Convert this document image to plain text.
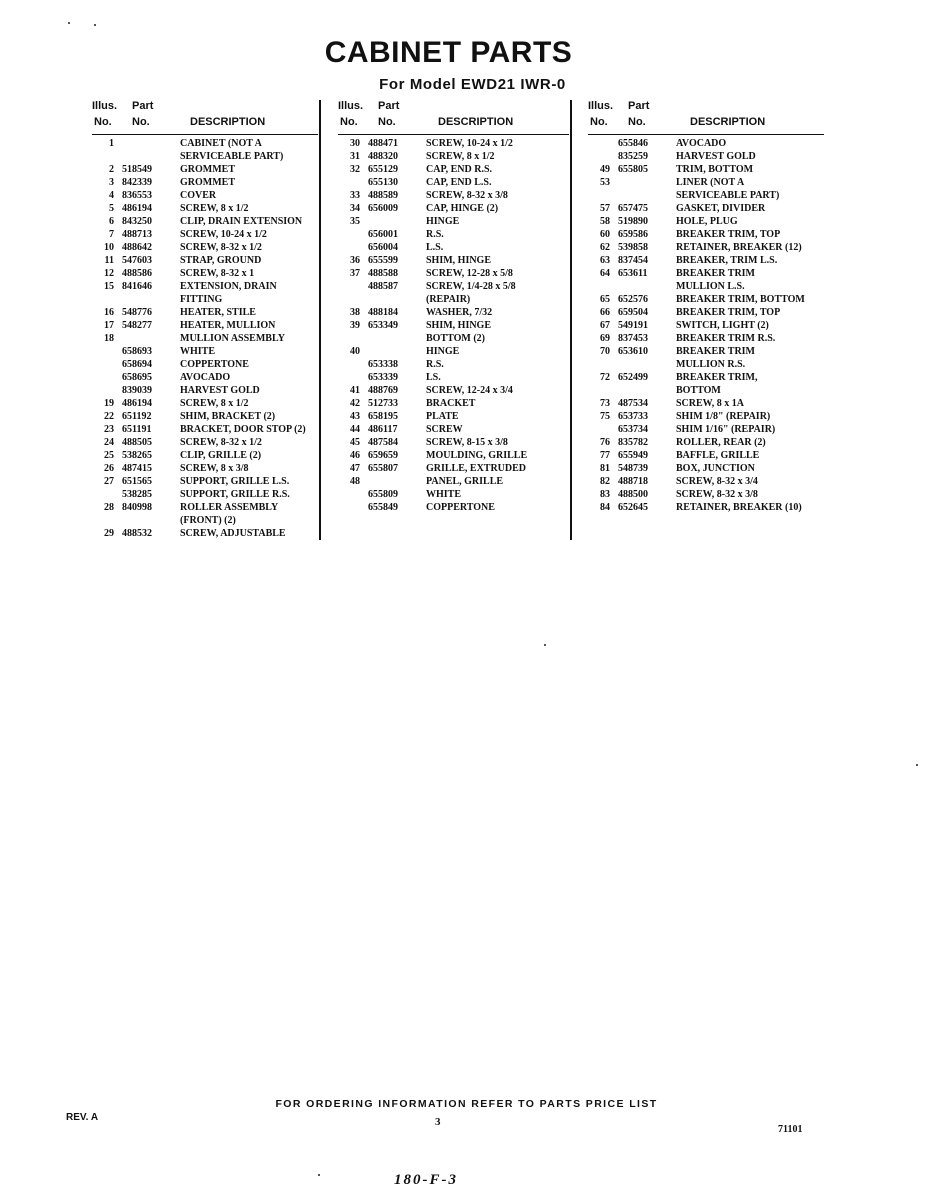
CABINET PARTS
For Model EWD21 IWR-0
Illus. Part
No. No.	DESCRIPTION
1	CABINET (NOT A
SERVICEABLE PART)
2 518549	GROMMET
3 842339	GROMMET
4 836553	COVER
5 486194	SCREW, 8 x 1/2
6 843250	CLIP, DRAIN EXTENSION
7 488713	SCREW, 10-24 x 1/2
10 488642	SCREW, 8-32 x 1/2
11 547603	STRAP, GROUND
12 488586	SCREW, 8-32 x 1
15 841646	EXTENSION, DRAIN
FITTING
16 548776	HEATER, STILE
17 548277	HEATER, MULLION
18	MULLION ASSEMBLY
658693	WHITE
658694	COPPERTONE
658695	AVOCADO
839039	HARVEST GOLD
19 486194	SCREW, 8 x 1/2
22 651192	SHIM, BRACKET (2)
23 651191	BRACKET, DOOR STOP (2)
24 488505	SCREW, 8-32 x 1/2
25 538265	CLIP, GRILLE (2)
26 487415	SCREW, 8 x 3/8
27 651565	SUPPORT, GRILLE L.S.
538285	SUPPORT, GRILLE R.S.
28 840998	ROLLER ASSEMBLY
(FRONT) (2)
29 488532	SCREW, ADJUSTABLE
Illus. Part
No. No.	DESCRIPTION
30 488471	SCREW, 10-24 x 1/2
31 488320	SCREW, 8 x 1/2
32 655129	CAP, END R.S.
655130	CAP, END L.S.
33 488589	SCREW, 8-32 x 3/8
34 656009	CAP, HINGE (2)
35	HINGE
656001	R.S.
656004	L.S.
36 655599	SHIM, HINGE
37 488588	SCREW, 12-28 x 5/8
488587	SCREW, 1/4-28 x 5/8
(REPAIR)
38 488184	WASHER, 7/32
39 653349	SHIM, HINGE
BOTTOM (2)
40	HINGE
653338	R.S.
653339	LS.
41 488769	SCREW, 12-24 x 3/4
42 512733	BRACKET
43 658195	PLATE
44 486117	SCREW
45 487584	SCREW, 8-15 x 3/8
46 659659	MOULDING, GRILLE
47 655807	GRILLE, EXTRUDED
48	PANEL, GRILLE
655809	WHITE
655849	COPPERTONE
Illus. Part
No. No.	DESCRIPTION
655846	AVOCADO
835259	HARVEST GOLD
49 655805	TRIM, BOTTOM
53	LINER (NOT A
SERVICEABLE PART)
57 657475	GASKET, DIVIDER
58 519890	HOLE, PLUG
60 659586	BREAKER TRIM, TOP
62 539858	RETAINER, BREAKER (12)
63 837454	BREAKER, TRIM L.S.
64 653611	BREAKER TRIM
MULLION L.S.
65 652576	BREAKER TRIM, BOTTOM
66 659504	BREAKER TRIM, TOP
67 549191	SWITCH, LIGHT (2)
69 837453	BREAKER TRIM R.S.
70 653610	BREAKER TRIM
MULLION R.S.
72 652499	BREAKER TRIM,
BOTTOM
73 487534	SCREW, 8 x 1A
75 653733	SHIM 1/8" (REPAIR)
653734	SHIM 1/16" (REPAIR)
76 835782	ROLLER, REAR (2)
77 655949	BAFFLE, GRILLE
81 548739	BOX, JUNCTION
82 488718	SCREW, 8-32 x 3/4
83 488500	SCREW, 8-32 x 3/8
84 652645	RETAINER, BREAKER (10)
FOR ORDERING INFORMATION REFER TO PARTS PRICE LIST
REV. A	3
71101
180-F-3
